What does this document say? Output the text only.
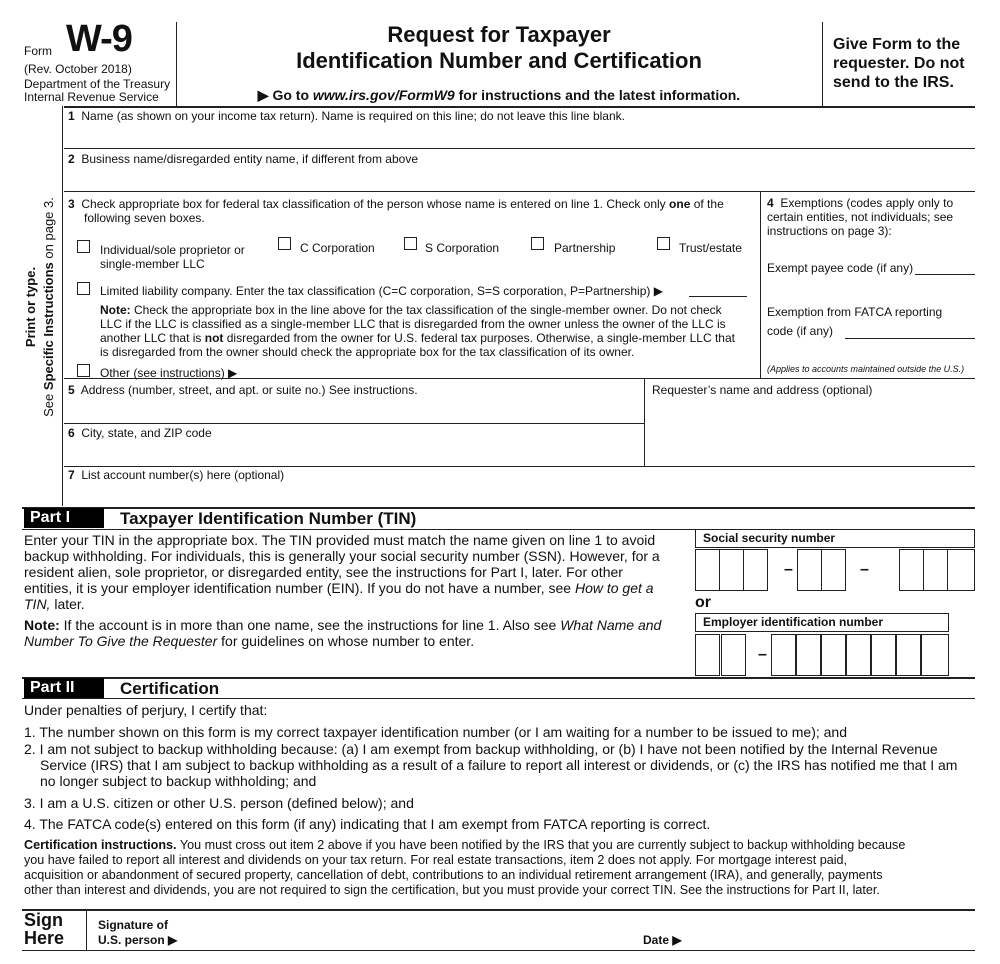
Form W-9
(Rev. October 2018)
Department of the Treasury
Internal Revenue Service
Request for Taxpayer
Identification Number and Certification
▶ Go to www.irs.gov/FormW9 for instructions and the latest information.
Give Form to the
requester. Do not
send to the IRS.
Print or type.
See Specific Instructions on page 3.
1 Name (as shown on your income tax return). Name is required on this line; do not leave this line blank.
2 Business name/disregarded entity name, if different from above
3 Check appropriate box for federal tax classification of the person whose name is entered on line 1. Check only one of the
following seven boxes.
Individual/sole proprietor or
single-member LLC
C Corporation	S Corporation	Partnership	Trust/estate
Limited liability company. Enter the tax classification (C=C corporation, S=S corporation, P=Partnership) ▶
Note: Check the appropriate box in the line above for the tax classification of the single-member owner. Do not check
LLC if the LLC is classified as a single-member LLC that is disregarded from the owner unless the owner of the LLC is
another LLC that is not disregarded from the owner for U.S. federal tax purposes. Otherwise, a single-member LLC that
is disregarded from the owner should check the appropriate box for the tax classification of its owner.
Other (see instructions) ▶
4 Exemptions (codes apply only to
certain entities, not individuals; see
instructions on page 3):
Exempt payee code (if any)
Exemption from FATCA reporting
code (if any)
(Applies to accounts maintained outside the U.S.)
5 Address (number, street, and apt. or suite no.) See instructions.	Requester’s name and address (optional)
6 City, state, and ZIP code
7 List account number(s) here (optional)
Part I	Taxpayer Identification Number (TIN)
Enter your TIN in the appropriate box. The TIN provided must match the name given on line 1 to avoid
backup withholding. For individuals, this is generally your social security number (SSN). However, for a
resident alien, sole proprietor, or disregarded entity, see the instructions for Part I, later. For other
entities, it is your employer identification number (EIN). If you do not have a number, see How to get a
TIN, later.
Note: If the account is in more than one name, see the instructions for line 1. Also see What Name and
Number To Give the Requester for guidelines on whose number to enter.
Social security number
–	–
or
Employer identification number
–
Part II	Certification
Under penalties of perjury, I certify that:
1. The number shown on this form is my correct taxpayer identification number (or I am waiting for a number to be issued to me); and
2. I am not subject to backup withholding because: (a) I am exempt from backup withholding, or (b) I have not been notified by the Internal Revenue
Service (IRS) that I am subject to backup withholding as a result of a failure to report all interest or dividends, or (c) the IRS has notified me that I am
no longer subject to backup withholding; and
3. I am a U.S. citizen or other U.S. person (defined below); and
4. The FATCA code(s) entered on this form (if any) indicating that I am exempt from FATCA reporting is correct.
Certification instructions. You must cross out item 2 above if you have been notified by the IRS that you are currently subject to backup withholding because
you have failed to report all interest and dividends on your tax return. For real estate transactions, item 2 does not apply. For mortgage interest paid,
acquisition or abandonment of secured property, cancellation of debt, contributions to an individual retirement arrangement (IRA), and generally, payments
other than interest and dividends, you are not required to sign the certification, but you must provide your correct TIN. See the instructions for Part II, later.
Sign
Here
Signature of
U.S. person ▶	Date ▶
